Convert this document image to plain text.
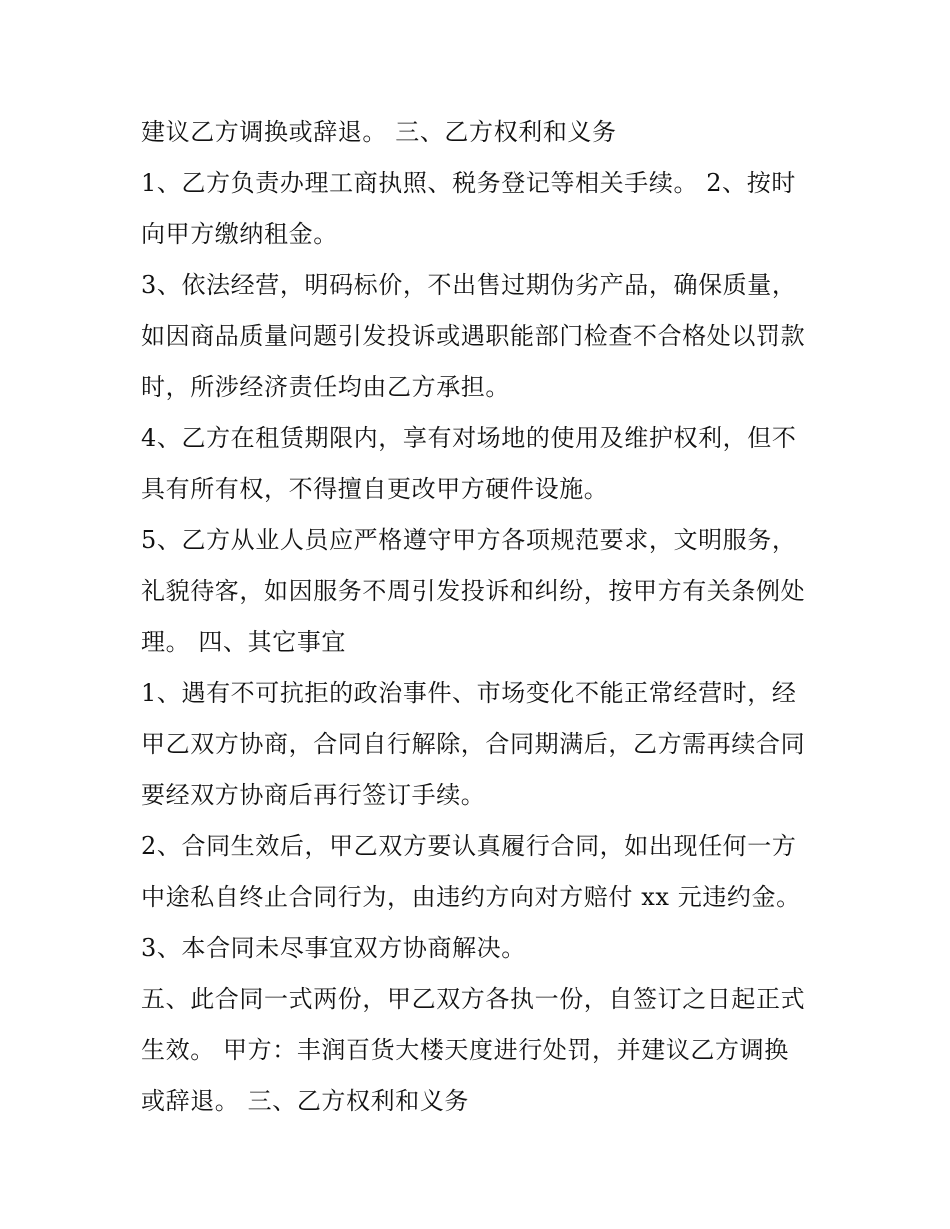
建议乙方调换或辞退。 三、乙方权利和义务
1、乙方负责办理工商执照、税务登记等相关手续。 2、按时
向甲方缴纳租金。
3、依法经营，明码标价，不出售过期伪劣产品，确保质量，
如因商品质量问题引发投诉或遇职能部门检查不合格处以罚款
时，所涉经济责任均由乙方承担。
4、乙方在租赁期限内，享有对场地的使用及维护权利，但不
具有所有权，不得擅自更改甲方硬件设施。
5、乙方从业人员应严格遵守甲方各项规范要求，文明服务，
礼貌待客，如因服务不周引发投诉和纠纷，按甲方有关条例处
理。 四、其它事宜
1、遇有不可抗拒的政治事件、市场变化不能正常经营时，经
甲乙双方协商，合同自行解除，合同期满后，乙方需再续合同
要经双方协商后再行签订手续。
2、合同生效后，甲乙双方要认真履行合同，如出现任何一方
中途私自终止合同行为，由违约方向对方赔付 xx 元违约金。
3、本合同未尽事宜双方协商解决。
五、此合同一式两份，甲乙双方各执一份，自签订之日起正式
生效。 甲方：丰润百货大楼天度进行处罚，并建议乙方调换
或辞退。 三、乙方权利和义务
